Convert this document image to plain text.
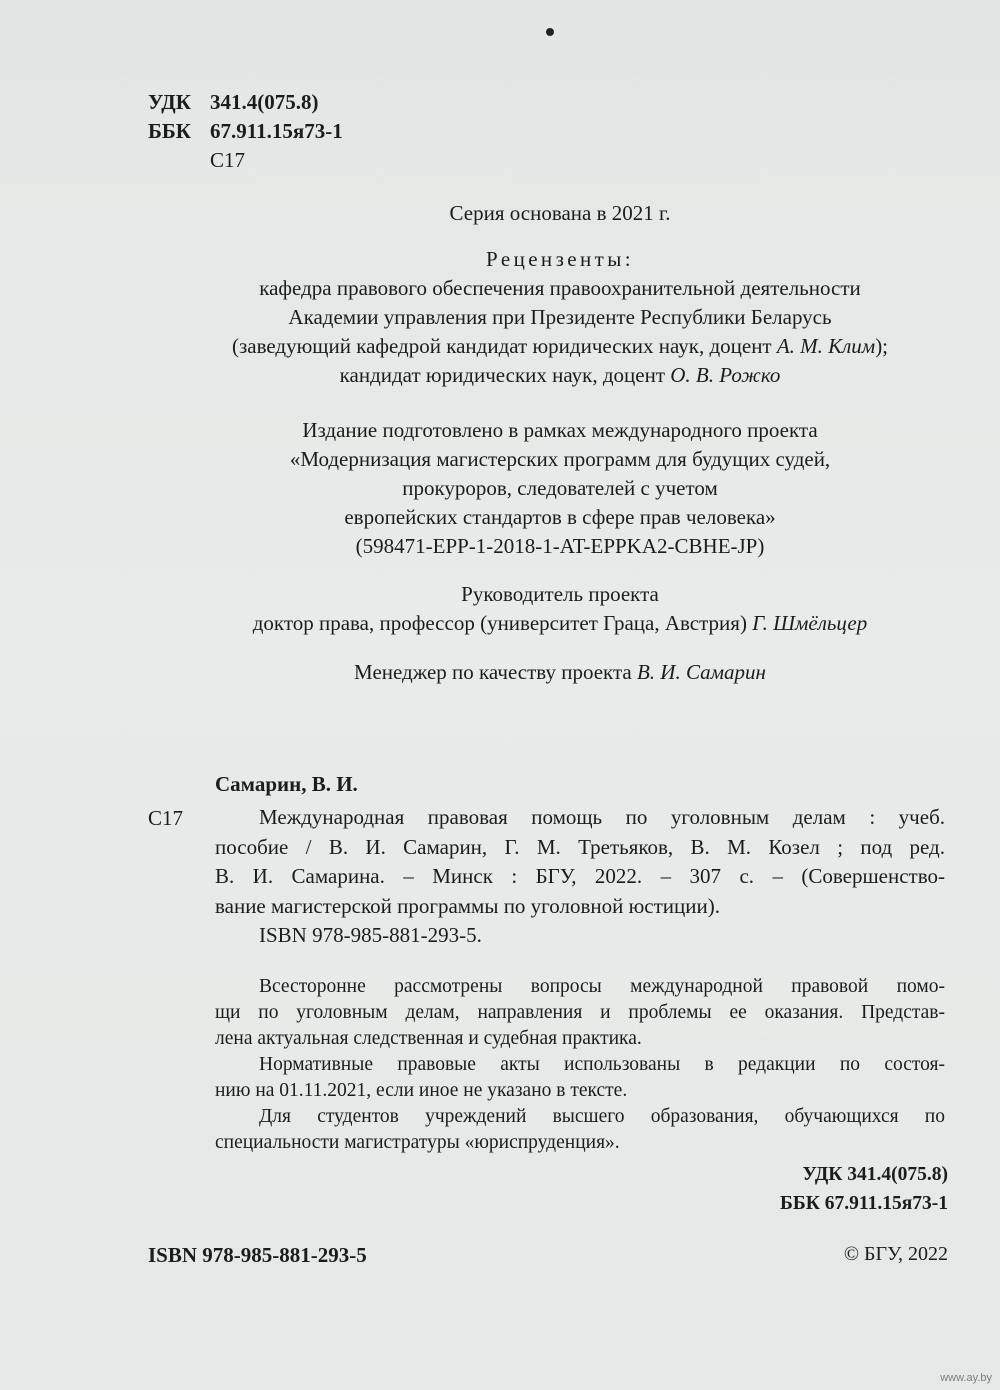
УДК 341.4(075.8)
ББК 67.911.15я73-1
С17
Серия основана в 2021 г.
Рецензенты:
кафедра правового обеспечения правоохранительной деятельности
Академии управления при Президенте Республики Беларусь
(заведующий кафедрой кандидат юридических наук, доцент А. М. Клим);
кандидат юридических наук, доцент О. В. Рожко
Издание подготовлено в рамках международного проекта
«Модернизация магистерских программ для будущих судей,
прокуроров, следователей с учетом
европейских стандартов в сфере прав человека»
(598471-EPP-1-2018-1-AT-EPPKA2-CBHE-JP)
Руководитель проекта
доктор права, профессор (университет Граца, Австрия) Г. Шмёльцер
Менеджер по качеству проекта В. И. Самарин
Самарин, В. И.
С17	Международная правовая помощь по уголовным делам : учеб.
пособие / В. И. Самарин, Г. М. Третьяков, В. М. Козел ; под ред.
В. И. Самарина. – Минск : БГУ, 2022. – 307 с. – (Совершенство-
вание магистерской программы по уголовной юстиции).
ISBN 978-985-881-293-5.
Всесторонне рассмотрены вопросы международной правовой помо-
щи по уголовным делам, направления и проблемы ее оказания. Представ-
лена актуальная следственная и судебная практика.
Нормативные правовые акты использованы в редакции по состоя-
нию на 01.11.2021, если иное не указано в тексте.
Для студентов учреждений высшего образования, обучающихся по
специальности магистратуры «юриспруденция».
УДК 341.4(075.8)
ББК 67.911.15я73-1
ISBN 978-985-881-293-5	© БГУ, 2022
www.ay.by
